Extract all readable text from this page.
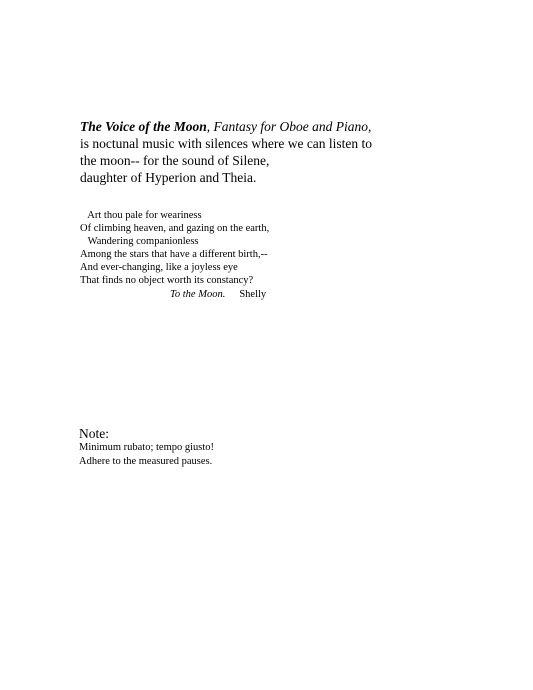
The Voice of the Moon, Fantasy for Oboe and Piano,
is noctunal music with silences where we can listen to
the moon-- for the sound of Silene,
daughter of Hyperion and Theia.
Art thou pale for weariness
Of climbing heaven, and gazing on the earth,
Wandering companionless
Among the stars that have a different birth,--
And ever-changing, like a joyless eye
That finds no object worth its constancy?
To the Moon. Shelly
Note:
Minimum rubato; tempo giusto!
Adhere to the measured pauses.
